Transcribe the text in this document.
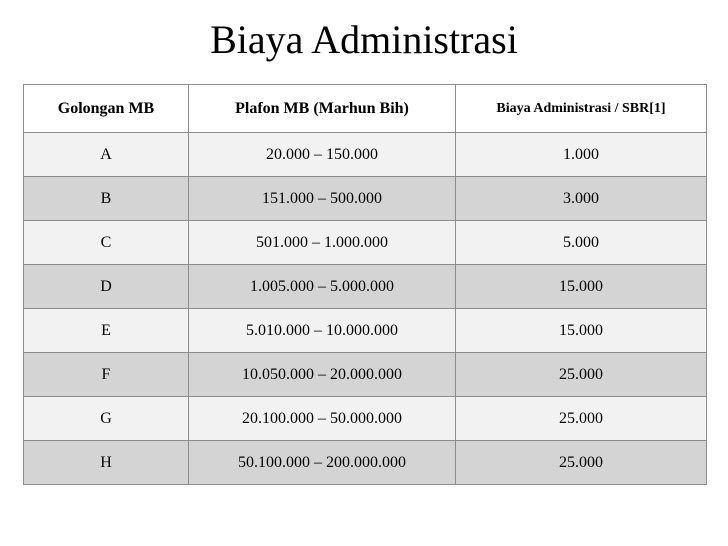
Biaya Administrasi
Golongan MB	Plafon MB (Marhun Bih)	Biaya Administrasi / SBR[1]
A	20.000 – 150.000	1.000
B	151.000 – 500.000	3.000
C	501.000 – 1.000.000	5.000
D	1.005.000 – 5.000.000	15.000
E	5.010.000 – 10.000.000	15.000
F	10.050.000 – 20.000.000	25.000
G	20.100.000 – 50.000.000	25.000
H	50.100.000 – 200.000.000	25.000
